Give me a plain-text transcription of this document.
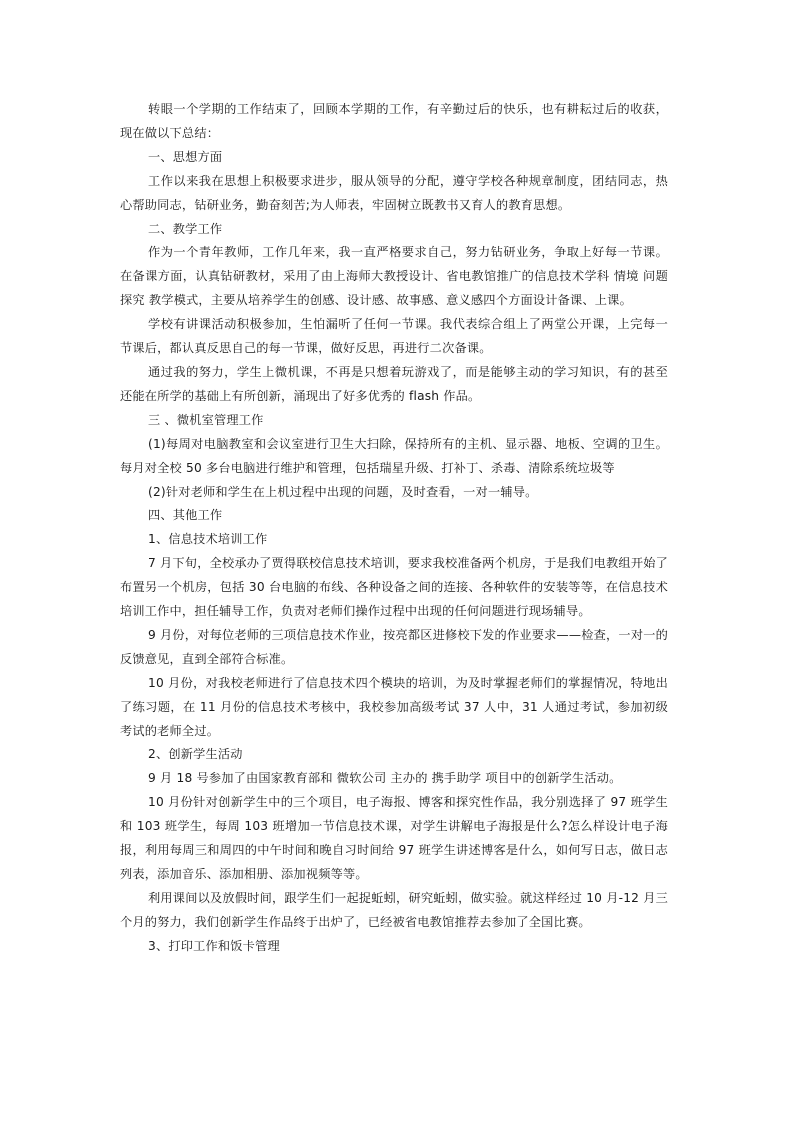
转眼一个学期的工作结束了，回顾本学期的工作，有辛勤过后的快乐，也有耕耘过后的收获，现在做以下总结：

一、思想方面

工作以来我在思想上积极要求进步，服从领导的分配，遵守学校各种规章制度，团结同志，热心帮助同志，钻研业务，勤奋刻苦;为人师表，牢固树立既教书又育人的教育思想。

二、教学工作

作为一个青年教师，工作几年来，我一直严格要求自己，努力钻研业务，争取上好每一节课。在备课方面，认真钻研教材，采用了由上海师大教授设计、省电教馆推广的信息技术学科 情境 问题 探究 教学模式，主要从培养学生的创感、设计感、故事感、意义感四个方面设计备课、上课。

学校有讲课活动积极参加，生怕漏听了任何一节课。我代表综合组上了两堂公开课，上完每一节课后，都认真反思自己的每一节课，做好反思，再进行二次备课。

通过我的努力，学生上微机课，不再是只想着玩游戏了，而是能够主动的学习知识，有的甚至还能在所学的基础上有所创新，涌现出了好多优秀的 flash 作品。

三 、微机室管理工作

(1)每周对电脑教室和会议室进行卫生大扫除，保持所有的主机、显示器、地板、空调的卫生。每月对全校 50 多台电脑进行维护和管理，包括瑞星升级、打补丁、杀毒、清除系统垃圾等

(2)针对老师和学生在上机过程中出现的问题，及时查看，一对一辅导。

四、其他工作

1、信息技术培训工作

7 月下旬，全校承办了贾得联校信息技术培训，要求我校准备两个机房，于是我们电教组开始了布置另一个机房，包括 30 台电脑的布线、各种设备之间的连接、各种软件的安装等等，在信息技术培训工作中，担任辅导工作，负责对老师们操作过程中出现的任何问题进行现场辅导。

9 月份，对每位老师的三项信息技术作业，按亮都区进修校下发的作业要求——检查，一对一的反馈意见，直到全部符合标准。

10 月份，对我校老师进行了信息技术四个模块的培训，为及时掌握老师们的掌握情况，特地出了练习题，在 11 月份的信息技术考核中，我校参加高级考试 37 人中，31 人通过考试，参加初级考试的老师全过。

2、创新学生活动

9 月 18 号参加了由国家教育部和 微软公司 主办的 携手助学 项目中的创新学生活动。

10 月份针对创新学生中的三个项目，电子海报、博客和探究性作品，我分别选择了 97 班学生和 103 班学生，每周 103 班增加一节信息技术课，对学生讲解电子海报是什么?怎么样设计电子海报，利用每周三和周四的中午时间和晚自习时间给 97 班学生讲述博客是什么，如何写日志，做日志列表，添加音乐、添加相册、添加视频等等。

利用课间以及放假时间，跟学生们一起捉蚯蚓，研究蚯蚓，做实验。就这样经过 10 月-12 月三个月的努力，我们创新学生作品终于出炉了，已经被省电教馆推荐去参加了全国比赛。

3、打印工作和饭卡管理
